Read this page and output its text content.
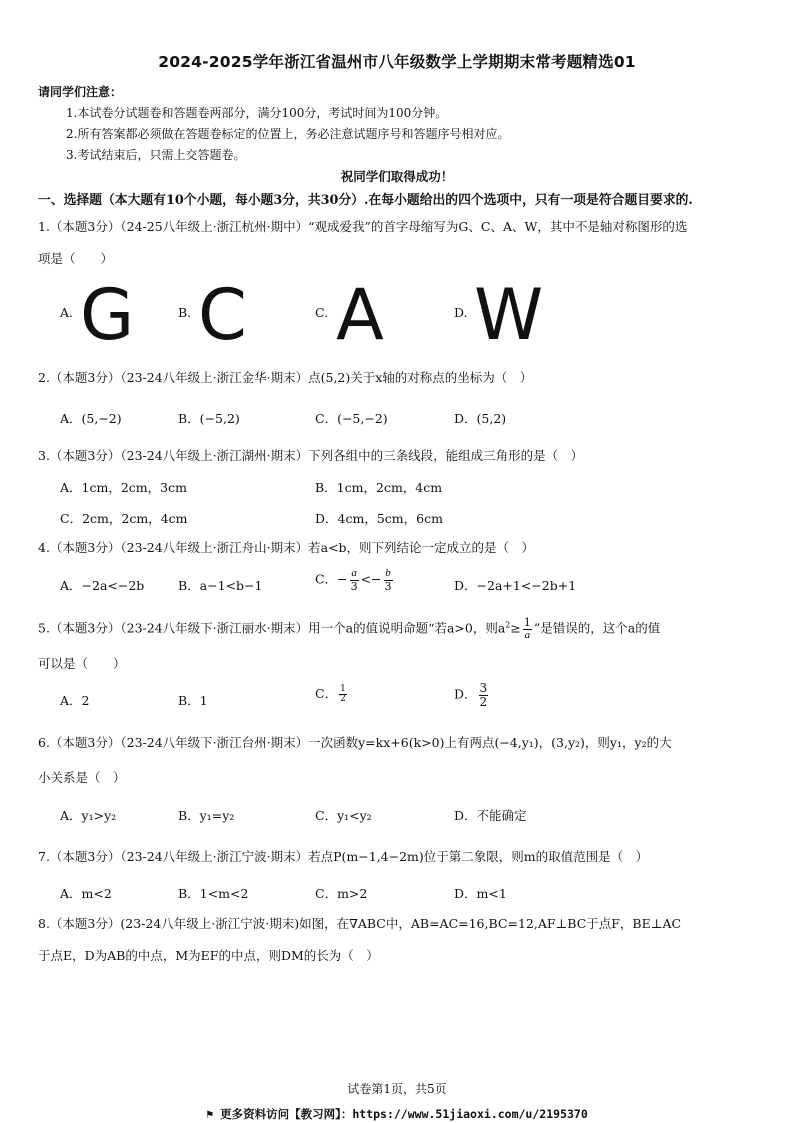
2024-2025学年浙江省温州市八年级数学上学期期末常考题精选01
请同学们注意：
1.本试卷分试题卷和答题卷两部分，满分100分，考试时间为100分钟。
2.所有答案都必须做在答题卷标定的位置上，务必注意试题序号和答题序号相对应。
3.考试结束后，只需上交答题卷。
祝同学们取得成功！
一、选择题（本大题有10个小题，每小题3分，共30分）.在每小题给出的四个选项中，只有一项是符合题目要求的.
1.（本题3分）（24-25八年级上·浙江杭州·期中）“观成爱我”的首字母缩写为G、C、A、W，其中不是轴对称图形的选
项是（　　）
A. G	B. C	C. A	D. W
2.（本题3分）（23-24八年级上·浙江金华·期末）点(5,2)关于x轴的对称点的坐标为（　）
A．(5,−2)	B．(−5,2)	C．(−5,−2)	D．(5,2)
3.（本题3分）（23-24八年级上·浙江湖州·期末）下列各组中的三条线段，能组成三角形的是（　）
A．1cm，2cm，3cm	B．1cm，2cm，4cm
C．2cm，2cm，4cm	D．4cm，5cm，6cm
4.（本题3分）（23-24八年级上·浙江舟山·期末）若a<b，则下列结论一定成立的是（　）
A．−2a<−2b	B．a−1<b−1	C．− $\frac{a}{3} <- \frac{b}{3}$	D．−2a+1<−2b+1
5.（本题3分）（23-24八年级下·浙江丽水·期末）用一个a的值说明命题“若a>0，则$a^2\ge \frac{1}{a}$ ”是错误的，这个a的值
可以是（　　）
A．2	B．1	C． $\frac{1}{2}$	D． $\frac{3}{2}$
6.（本题3分）（23-24八年级下·浙江台州·期末）一次函数y=kx+6(k>0)上有两点(−4,y₁)，(3,y₂)，则y₁，y₂的大
小关系是（　）
A．y₁>y₂	B．y₁=y₂	C．y₁<y₂	D．不能确定
7.（本题3分）（23-24八年级上·浙江宁波·期末）若点P(m−1,4−2m)位于第二象限，则m的取值范围是（　）
A．m<2	B．1<m<2	C．m>2	D．m<1
8.（本题3分）(23-24八年级上·浙江宁波·期末)如图，在∇ABC中，AB=AC=16,BC=12,AF⊥BC于点F，BE⊥AC
于点E，D为AB的中点，M为EF的中点，则DM的长为（　）
试卷第1页，共5页
⚑ 更多资料访问【教习网】：https://www.51jiaoxi.com/u/2195370
